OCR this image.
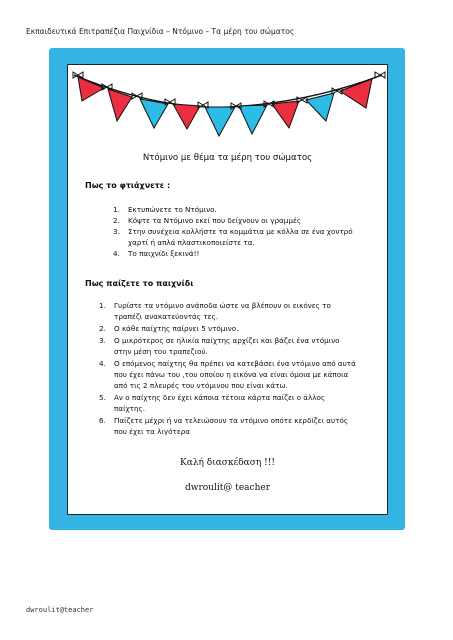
Εκπαιδευτικά Επιτραπέζια Παιχνίδια – Ντόμινο – Τα μέρη του σώματος
Ντόμινο με θέμα τα μέρη του σώματος
Πως το φτιάχνετε :
1. Εκτυπώνετε το Ντόμινο.
2. Κόψτε τα Ντόμινο εκεί που δείχνουν οι γραμμές
3. Στην συνέχεια κολλήστε τα κομμάτια με κόλλα σε ένα χοντρό χαρτί ή απλά πλαστικοποιείστε τα.
4. Το παιχνίδι ξεκινά!!
Πως παίζετε το παιχνίδι
1. Γυρίστε τα ντόμινο ανάποδα ώστε να βλέπουν οι εικόνες το τραπέζι ανακατεύοντάς τες.
2. Ο κάθε παίχτης παίρνει 5 ντόμινο.
3. Ο μικρότερος σε ηλικία παίχτης αρχίζει και βάζει ένα ντόμινο στην μέση του τραπεζιού.
4. Ο επόμενος παίχτης θα πρέπει να κατεβάσει ένα ντόμινο από αυτά που έχει πάνω του ,του οποίου η εικόνα να είναι όμοια με κάποια από τις 2 πλευρές του ντόμινου που είναι κάτω.
5. Αν ο παίχτης δεν έχει κάποια τέτοια κάρτα παίζει ο άλλος παίχτης.
6. Παίζετε μέχρι ή να τελειώσουν τα ντόμινο οπότε κερδίζει αυτός που έχει τα λιγότερα
Καλή διασκέδαση !!!
dwroulit@ teacher
dwroulit@teacher
